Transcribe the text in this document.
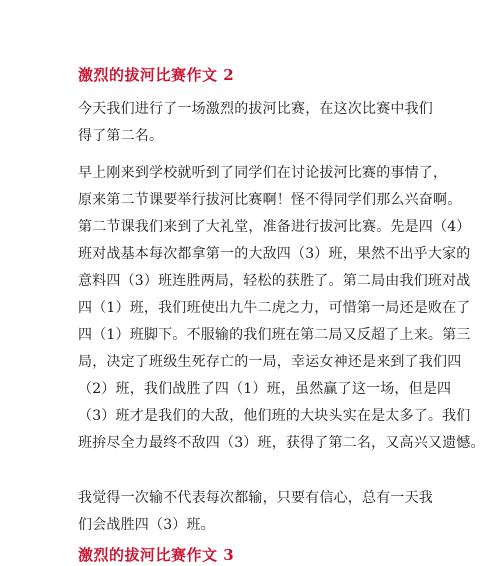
激烈的拔河比赛作文 2
今天我们进行了一场激烈的拔河比赛，在这次比赛中我们
得了第二名。
早上刚来到学校就听到了同学们在讨论拔河比赛的事情了，
原来第二节课要举行拔河比赛啊！怪不得同学们那么兴奋啊。
第二节课我们来到了大礼堂，准备进行拔河比赛。先是四（4）
班对战基本每次都拿第一的大敌四（3）班，果然不出乎大家的
意料四（3）班连胜两局，轻松的获胜了。第二局由我们班对战
四（1）班，我们班使出九牛二虎之力，可惜第一局还是败在了
四（1）班脚下。不服输的我们班在第二局又反超了上来。第三
局，决定了班级生死存亡的一局，幸运女神还是来到了我们四
（2）班，我们战胜了四（1）班，虽然赢了这一场，但是四
（3）班才是我们的大敌，他们班的大块头实在是太多了。我们
班拚尽全力最终不敌四（3）班，获得了第二名，又高兴又遗憾。
我觉得一次输不代表每次都输，只要有信心，总有一天我
们会战胜四（3）班。
激烈的拔河比赛作文 3
